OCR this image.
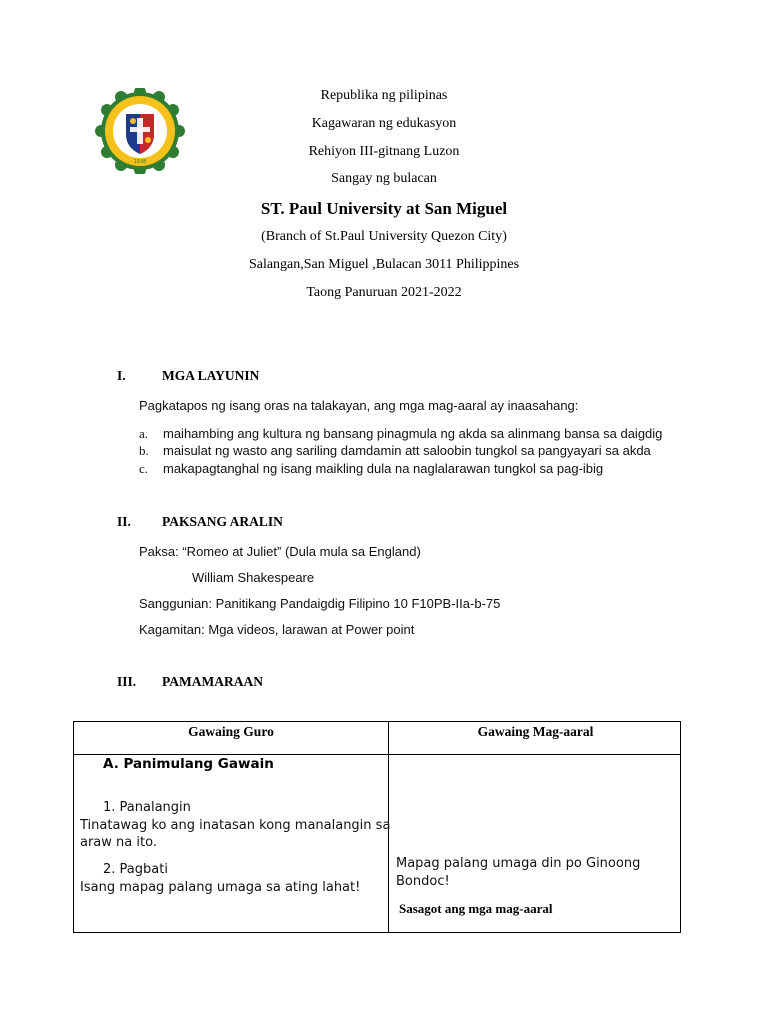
1938
Republika ng pilipinas
Kagawaran ng edukasyon
Rehiyon III-gitnang Luzon
Sangay ng bulacan
ST. Paul University at San Miguel
(Branch of St.Paul University Quezon City)
Salangan,San Miguel ,Bulacan 3011 Philippines
Taong Panuruan 2021-2022
I.	MGA LAYUNIN
Pagkatapos ng isang oras na talakayan, ang mga mag-aaral ay inaasahang:
a. maihambing ang kultura ng bansang pinagmula ng akda sa alinmang bansa sa daigdig
b. maisulat ng wasto ang sariling damdamin att saloobin tungkol sa pangyayari sa akda
c. makapagtanghal ng isang maikling dula na naglalarawan tungkol sa pag-ibig
II. PAKSANG ARALIN
Paksa: “Romeo at Juliet” (Dula mula sa England)
William Shakespeare
Sanggunian: Panitikang Pandaigdig Filipino 10 F10PB-IIa-b-75
Kagamitan: Mga videos, larawan at Power point
III. PAMAMARAAN
Gawaing Guro	Gawaing Mag-aaral
A. Panimulang Gawain
1. Panalangin
Tinatawag ko ang inatasan kong manalangin sa
araw na ito.
2. Pagbati
Isang mapag palang umaga sa ating lahat!
Mapag palang umaga din po Ginoong
Bondoc!
Sasagot ang mga mag-aaral
